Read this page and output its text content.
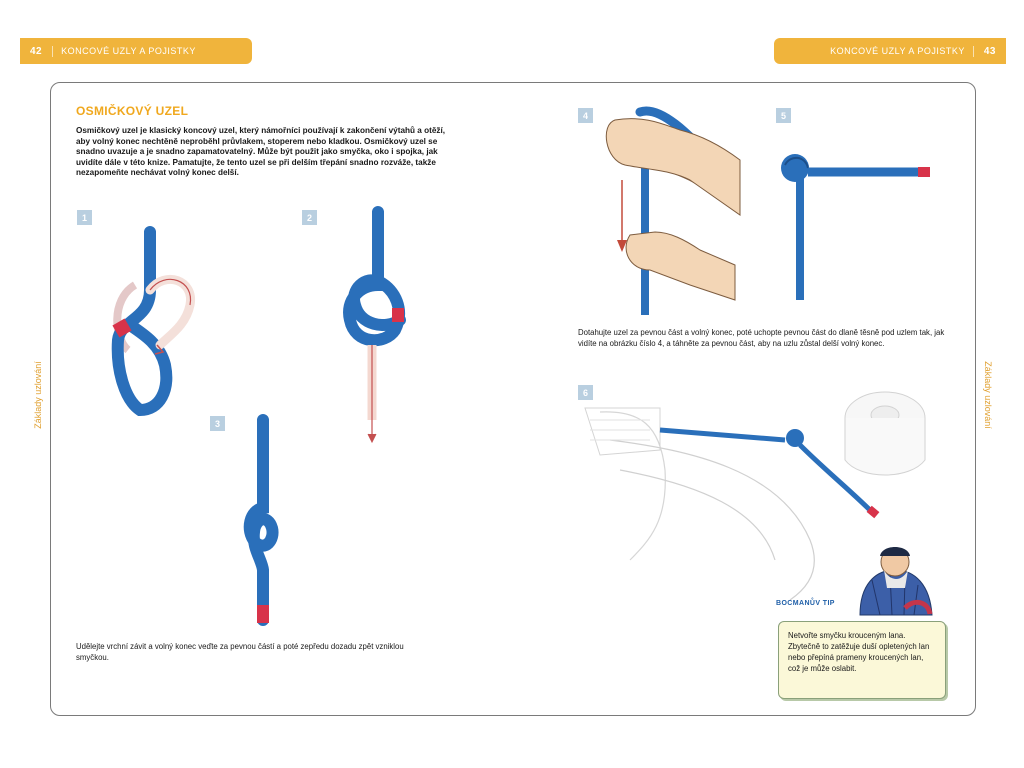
42	KONCOVÉ UZLY A POJISTKY	KONCOVÉ UZLY A POJISTKY	43
Základy uzlování	Základy uzlování
OSMIČKOVÝ UZEL
Osmičkový uzel je klasický koncový uzel, který námořníci používají k zakončení výtahů a otěží, aby volný konec nechtěně neproběhl průvlakem, stoperem nebo kladkou. Osmičkový uzel se snadno uvazuje a je snadno zapamatovatelný. Může být použit jako smyčka, oko i spojka, jak uvidíte dále v této knize. Pamatujte, že tento uzel se při delším třepání snadno rozváže, takže nezapomeňte nechávat volný konec delší.
1	2
3
4	5
6
Udělejte vrchní závit a volný konec veďte za pevnou částí a poté zepředu dozadu zpět vzniklou smyčkou.
Dotahujte uzel za pevnou část a volný konec, poté uchopte pevnou část do dlaně těsně pod uzlem tak, jak vidíte na obrázku číslo 4, a táhněte za pevnou část, aby na uzlu zůstal delší volný konec.
BOCMANŮV TIP
Netvořte smyčku krouceným lana. Zbytečně to zatěžuje duší opletených lan nebo přepíná prameny kroucených lan, což je může oslabit.
